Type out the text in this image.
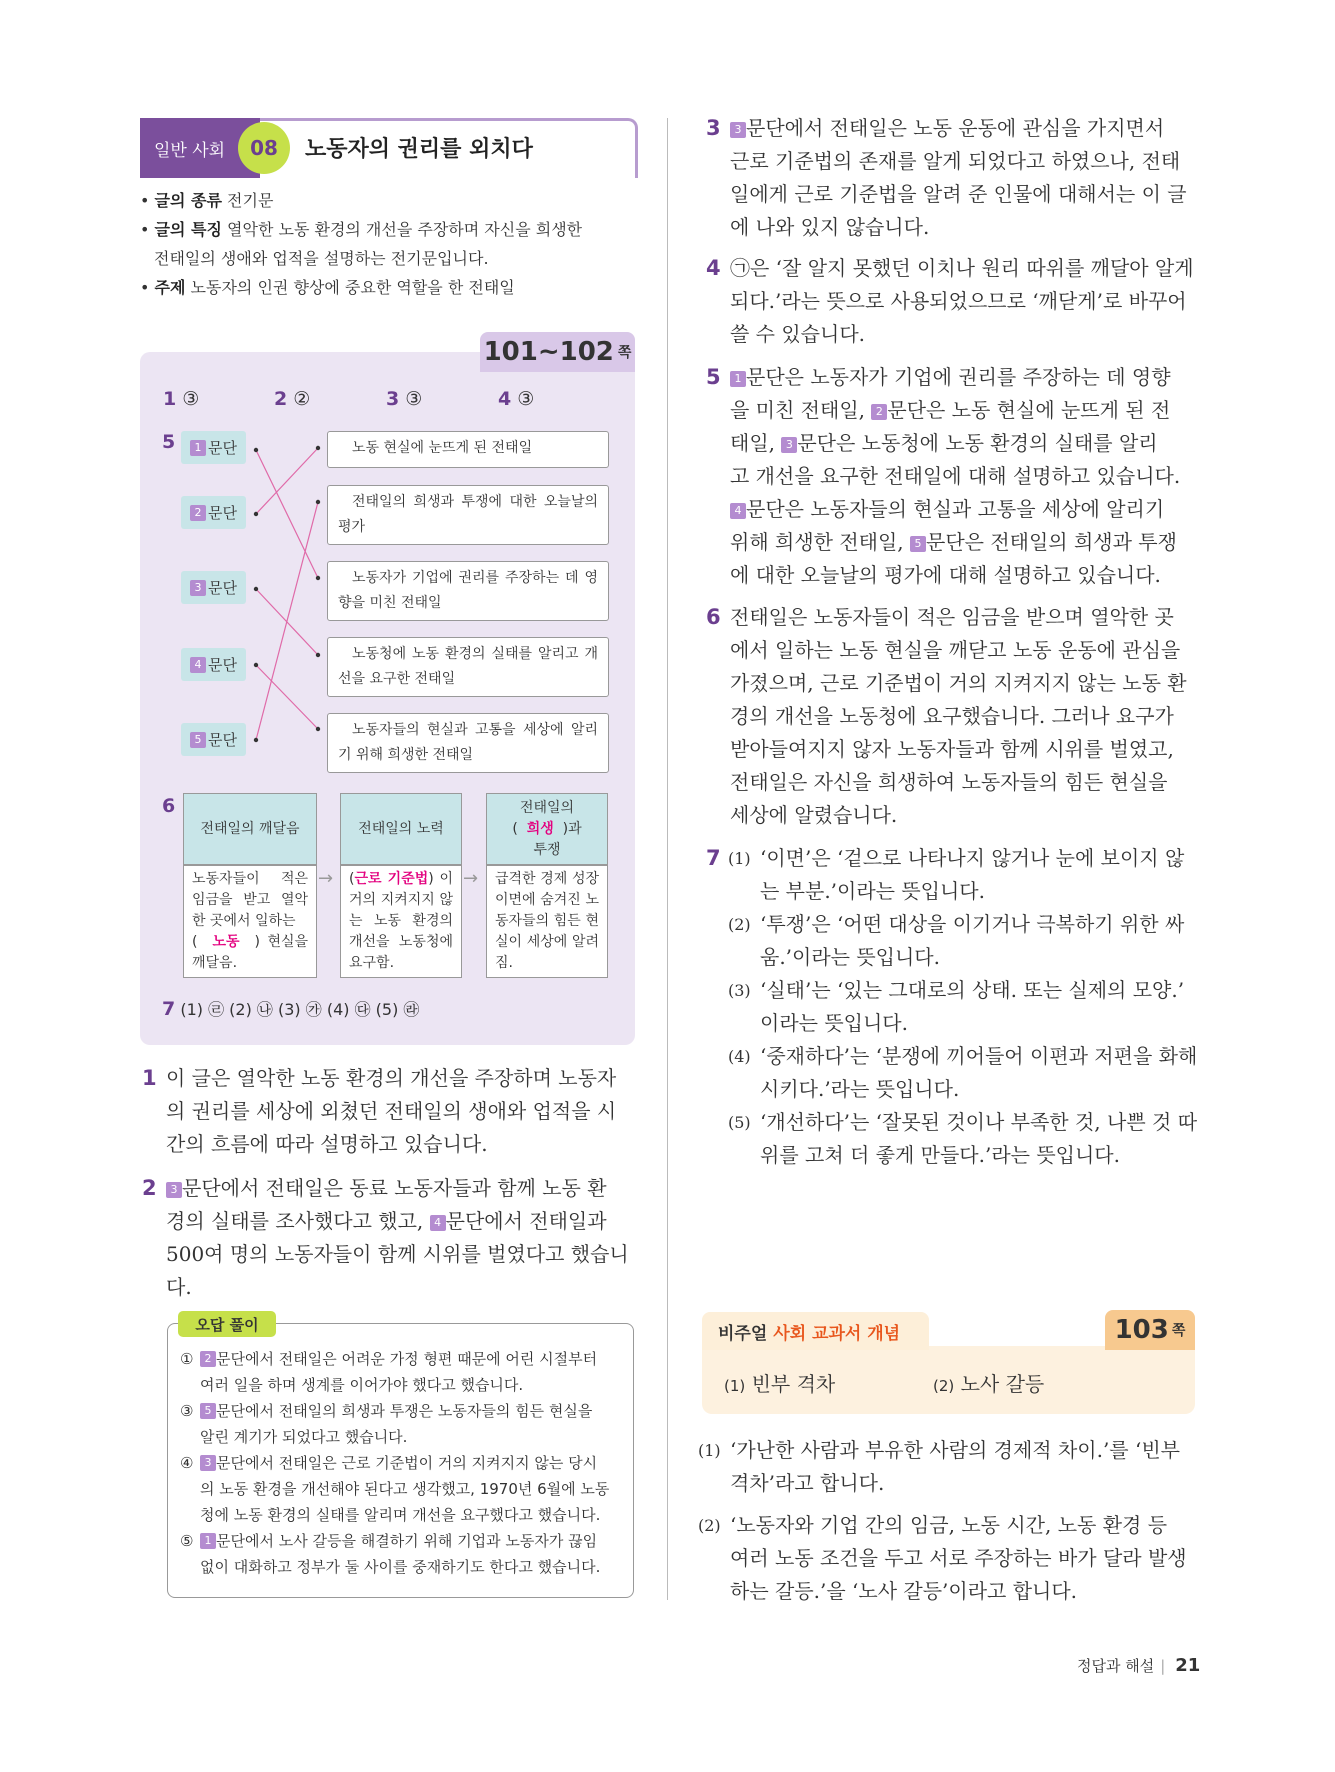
일반 사회	08	노동자의 권리를 외치다
• 글의 종류 전기문
• 글의 특징 열악한 노동 환경의 개선을 주장하며 자신을 희생한
전태일의 생애와 업적을 설명하는 전기문입니다.
• 주제 노동자의 인권 향상에 중요한 역할을 한 전태일
101~102 쪽
1 ③	2 ②	3 ③	4 ③
5	1 문단
2 문단
3 문단
4 문단
5 문단
노동 현실에 눈뜨게 된 전태일
전태일의 희생과 투쟁에 대한 오늘날의 평가
노동자가 기업에 권리를 주장하는 데 영향을 미친 전태일
노동청에 노동 환경의 실태를 알리고 개선을 요구한 전태일
노동자들의 현실과 고통을 세상에 알리기 위해 희생한 전태일
6
전태일의 깨달음	전태일의 노력
전태일의
( 희생 )과
투쟁
노동자들이 적은 임금을 받고 열악한 곳에서 일하는
( 노동 ) 현실을 깨달음.
→	(근로 기준법) 이 거의 지켜지지 않는 노동 환경의 개선을 노동청에 요구함.
→	급격한 경제 성장 이면에 숨겨진 노동자들의 힘든 현실이 세상에 알려짐.
7 (1) ㉣ (2) ㉯ (3) ㉮ (4) ㉰ (5) ㉱
1 이 글은 열악한 노동 환경의 개선을 주장하며 노동자
의 권리를 세상에 외쳤던 전태일의 생애와 업적을 시
간의 흐름에 따라 설명하고 있습니다.
2	3 문단에서 전태일은 동료 노동자들과 함께 노동 환
경의 실태를 조사했다고 했고, 4 문단에서 전태일과
500여 명의 노동자들이 함께 시위를 벌였다고 했습니
다.
오답 풀이
①	2 문단에서 전태일은 어려운 가정 형편 때문에 어린 시절부터
여러 일을 하며 생계를 이어가야 했다고 했습니다.
③	5 문단에서 전태일의 희생과 투쟁은 노동자들의 힘든 현실을
알린 계기가 되었다고 했습니다.
④	3 문단에서 전태일은 근로 기준법이 거의 지켜지지 않는 당시
의 노동 환경을 개선해야 된다고 생각했고, 1970년 6월에 노동
청에 노동 환경의 실태를 알리며 개선을 요구했다고 했습니다.
⑤	1 문단에서 노사 갈등을 해결하기 위해 기업과 노동자가 끊임
없이 대화하고 정부가 둘 사이를 중재하기도 한다고 했습니다.
3	3 문단에서 전태일은 노동 운동에 관심을 가지면서
근로 기준법의 존재를 알게 되었다고 하였으나, 전태
일에게 근로 기준법을 알려 준 인물에 대해서는 이 글
에 나와 있지 않습니다.
4 ㉠은 ‘잘 알지 못했던 이치나 원리 따위를 깨달아 알게
되다.’라는 뜻으로 사용되었으므로 ‘깨닫게’로 바꾸어
쓸 수 있습니다.
5	1 문단은 노동자가 기업에 권리를 주장하는 데 영향
을 미친 전태일, 2 문단은 노동 현실에 눈뜨게 된 전
태일, 3 문단은 노동청에 노동 환경의 실태를 알리
고 개선을 요구한 전태일에 대해 설명하고 있습니다.
4 문단은 노동자들의 현실과 고통을 세상에 알리기
위해 희생한 전태일, 5 문단은 전태일의 희생과 투쟁
에 대한 오늘날의 평가에 대해 설명하고 있습니다.
6 전태일은 노동자들이 적은 임금을 받으며 열악한 곳
에서 일하는 노동 현실을 깨닫고 노동 운동에 관심을
가졌으며, 근로 기준법이 거의 지켜지지 않는 노동 환
경의 개선을 노동청에 요구했습니다. 그러나 요구가
받아들여지지 않자 노동자들과 함께 시위를 벌였고,
전태일은 자신을 희생하여 노동자들의 힘든 현실을
세상에 알렸습니다.
7 (1) ‘이면’은 ‘겉으로 나타나지 않거나 눈에 보이지 않
는 부분.’이라는 뜻입니다.
(2) ‘투쟁’은 ‘어떤 대상을 이기거나 극복하기 위한 싸
움.’이라는 뜻입니다.
(3) ‘실태’는 ‘있는 그대로의 상태. 또는 실제의 모양.’
이라는 뜻입니다.
(4) ‘중재하다’는 ‘분쟁에 끼어들어 이편과 저편을 화해
시키다.’라는 뜻입니다.
(5) ‘개선하다’는 ‘잘못된 것이나 부족한 것, 나쁜 것 따
위를 고쳐 더 좋게 만들다.’라는 뜻입니다.
비주얼 사회 교과서 개념	103 쪽
(1) 빈부 격차	(2) 노사 갈등
(1) ‘가난한 사람과 부유한 사람의 경제적 차이.’를 ‘빈부
격차’라고 합니다.
(2) ‘노동자와 기업 간의 임금, 노동 시간, 노동 환경 등
여러 노동 조건을 두고 서로 주장하는 바가 달라 발생
하는 갈등.’을 ‘노사 갈등’이라고 합니다.
정답과 해설 | 21
